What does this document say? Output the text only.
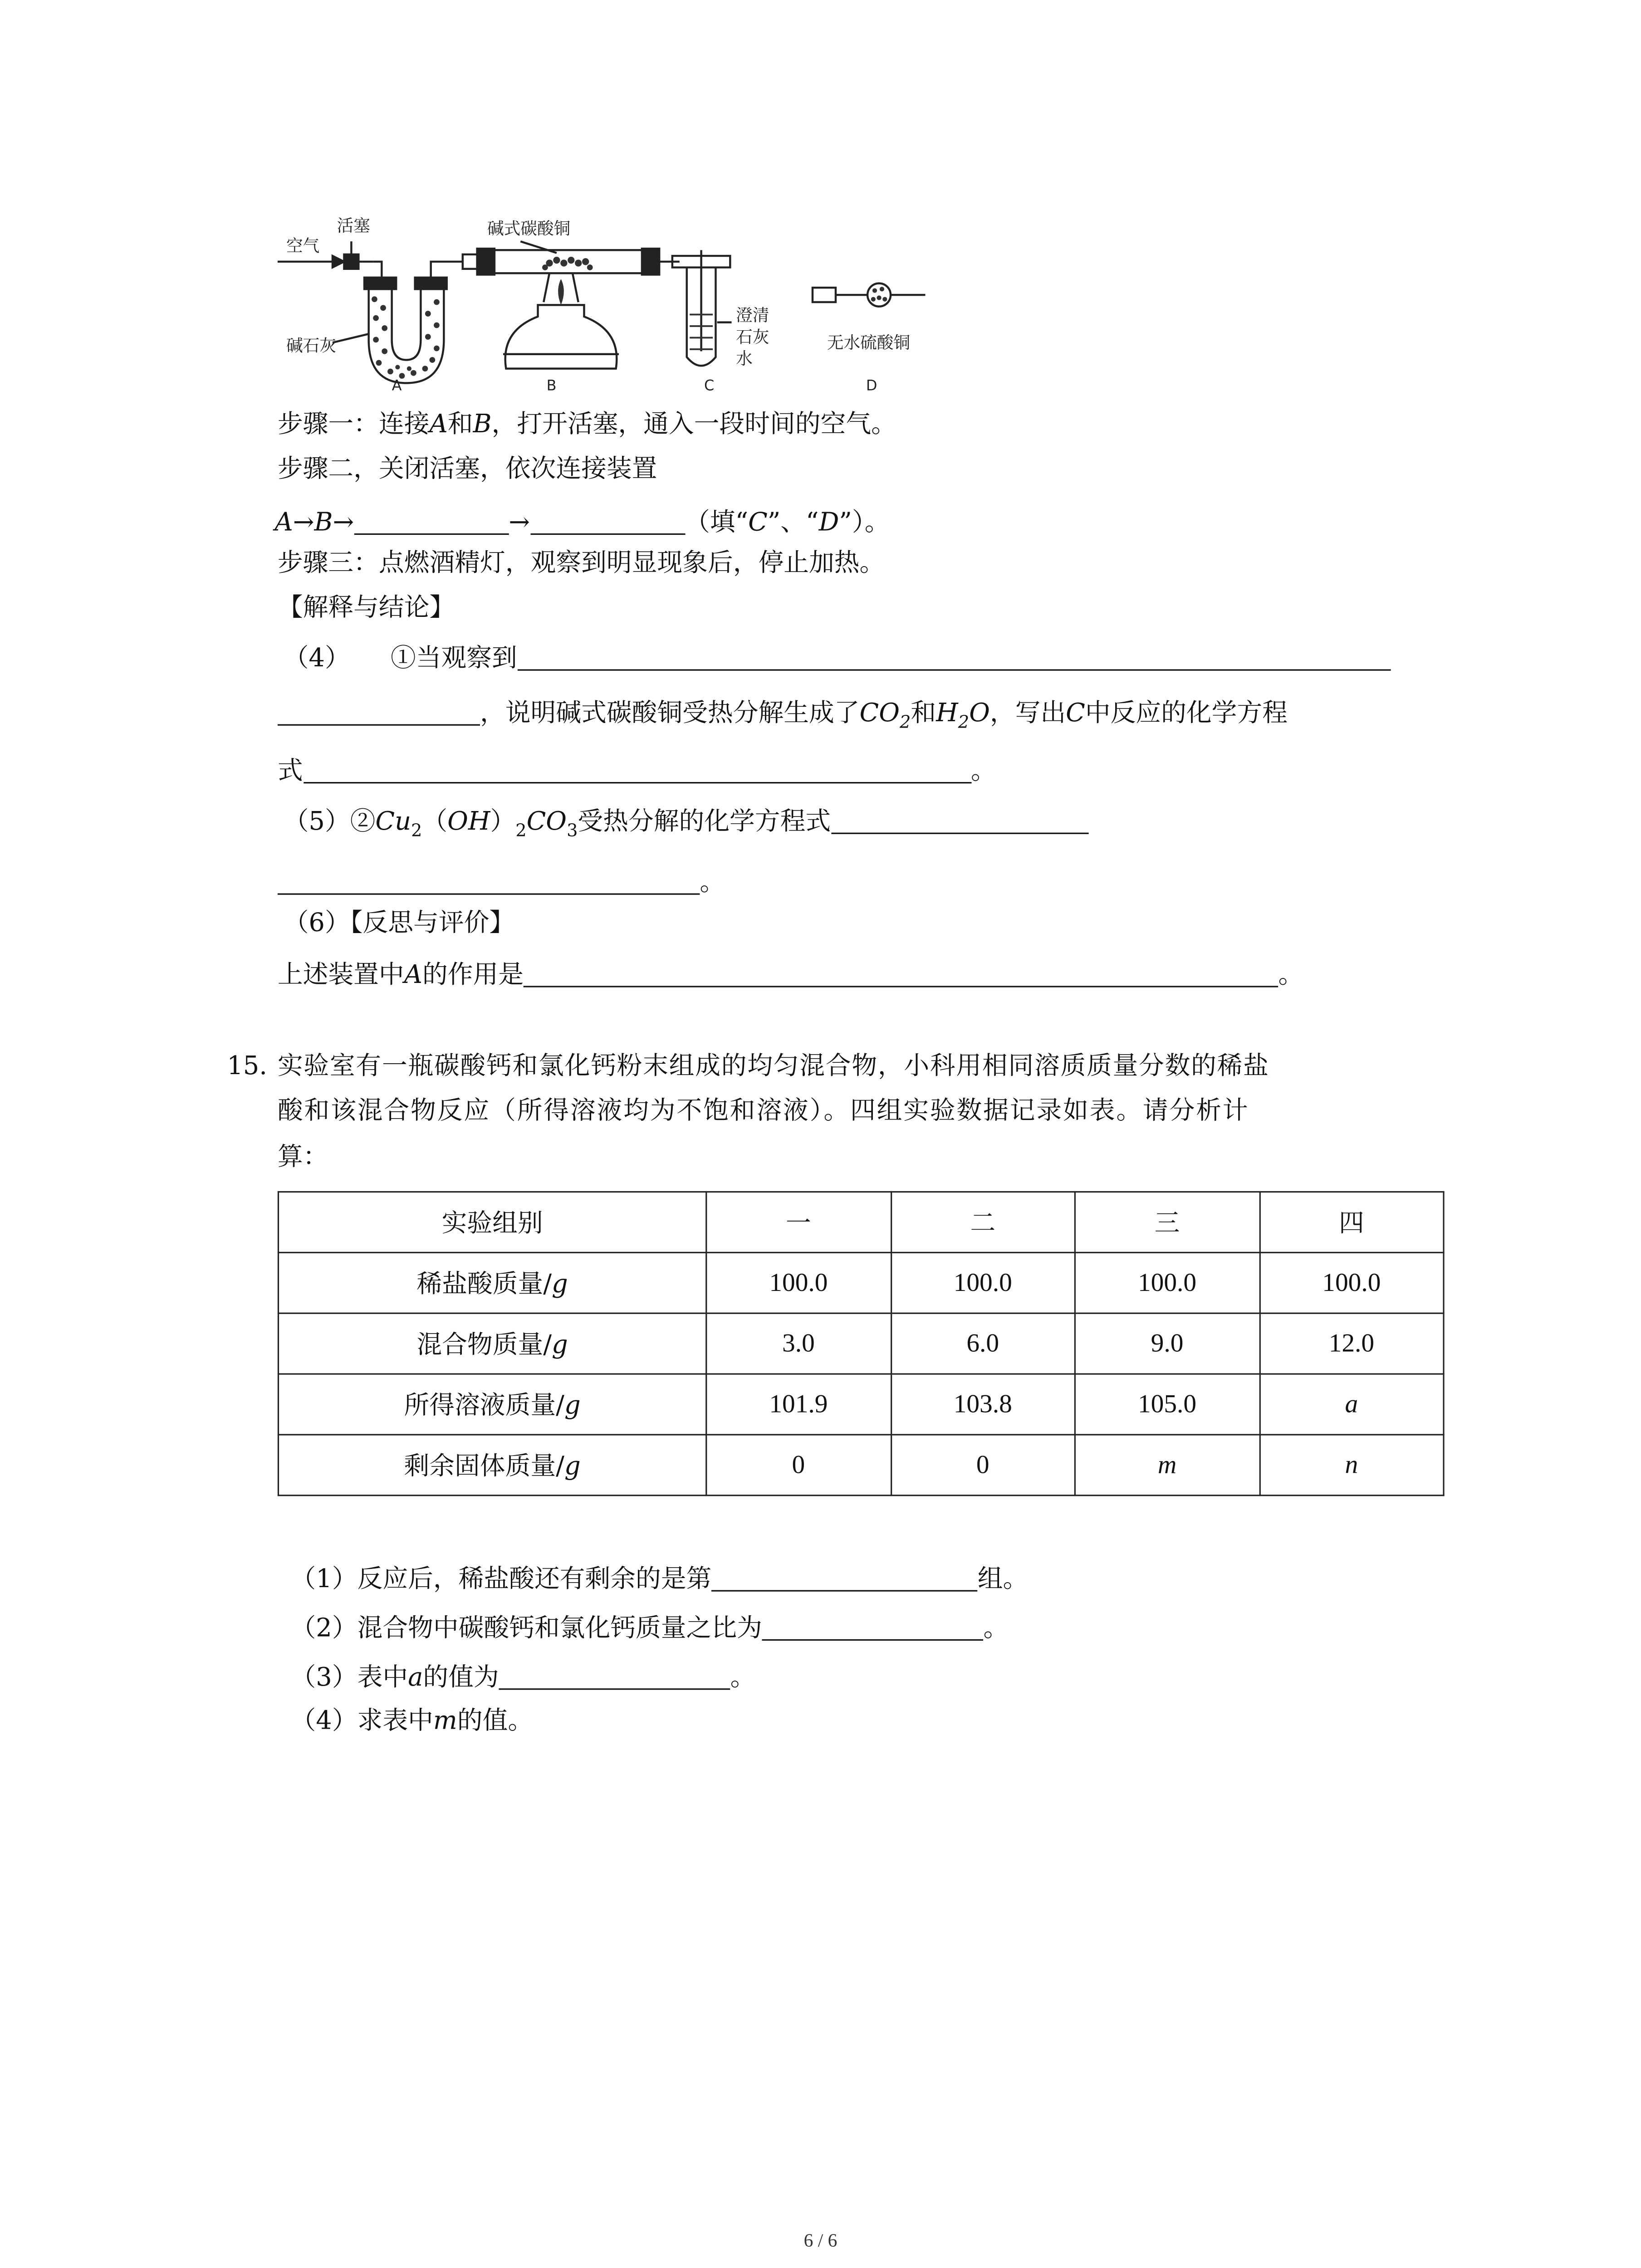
空气
活塞	碱式碳酸铜
碱石灰
澄清
石灰
水
无水硫酸铜
A	B	C	D
步骤一：连接A和B，打开活塞，通入一段时间的空气。
步骤二，关闭活塞，依次连接装置
A→B→	→	（填“C”、“D”）。
步骤三：点燃酒精灯，观察到明显现象后，停止加热。
【解释与结论】
（4）	①当观察到
，说明碱式碳酸铜受热分解生成了$CO_2$和$H_2O$，写出C中反应的化学方程
式	。
$(5)②Cu_2(OH)_2CO_3$受热分解的化学方程式
。
（6）【反思与评价】
上述装置中A的作用是	。
15. 实验室有一瓶碳酸钙和氯化钙粉末组成的均匀混合物，小科用相同溶质质量分数的稀盐
酸和该混合物反应（所得溶液均为不饱和溶液）。四组实验数据记录如表。请分析计
算：
实验组别	一	二	三	四
稀盐酸质量/g	100.0	100.0	100.0	100.0
混合物质量/g	3.0	6.0	9.0	12.0
所得溶液质量/g	101.9	103.8	105.0	a
剩余固体质量/g	0	0	m	n
（1）反应后，稀盐酸还有剩余的是第	组。
（2）混合物中碳酸钙和氯化钙质量之比为	。
（3）表中a的值为	。
（4）求表中m的值。
6 / 6
